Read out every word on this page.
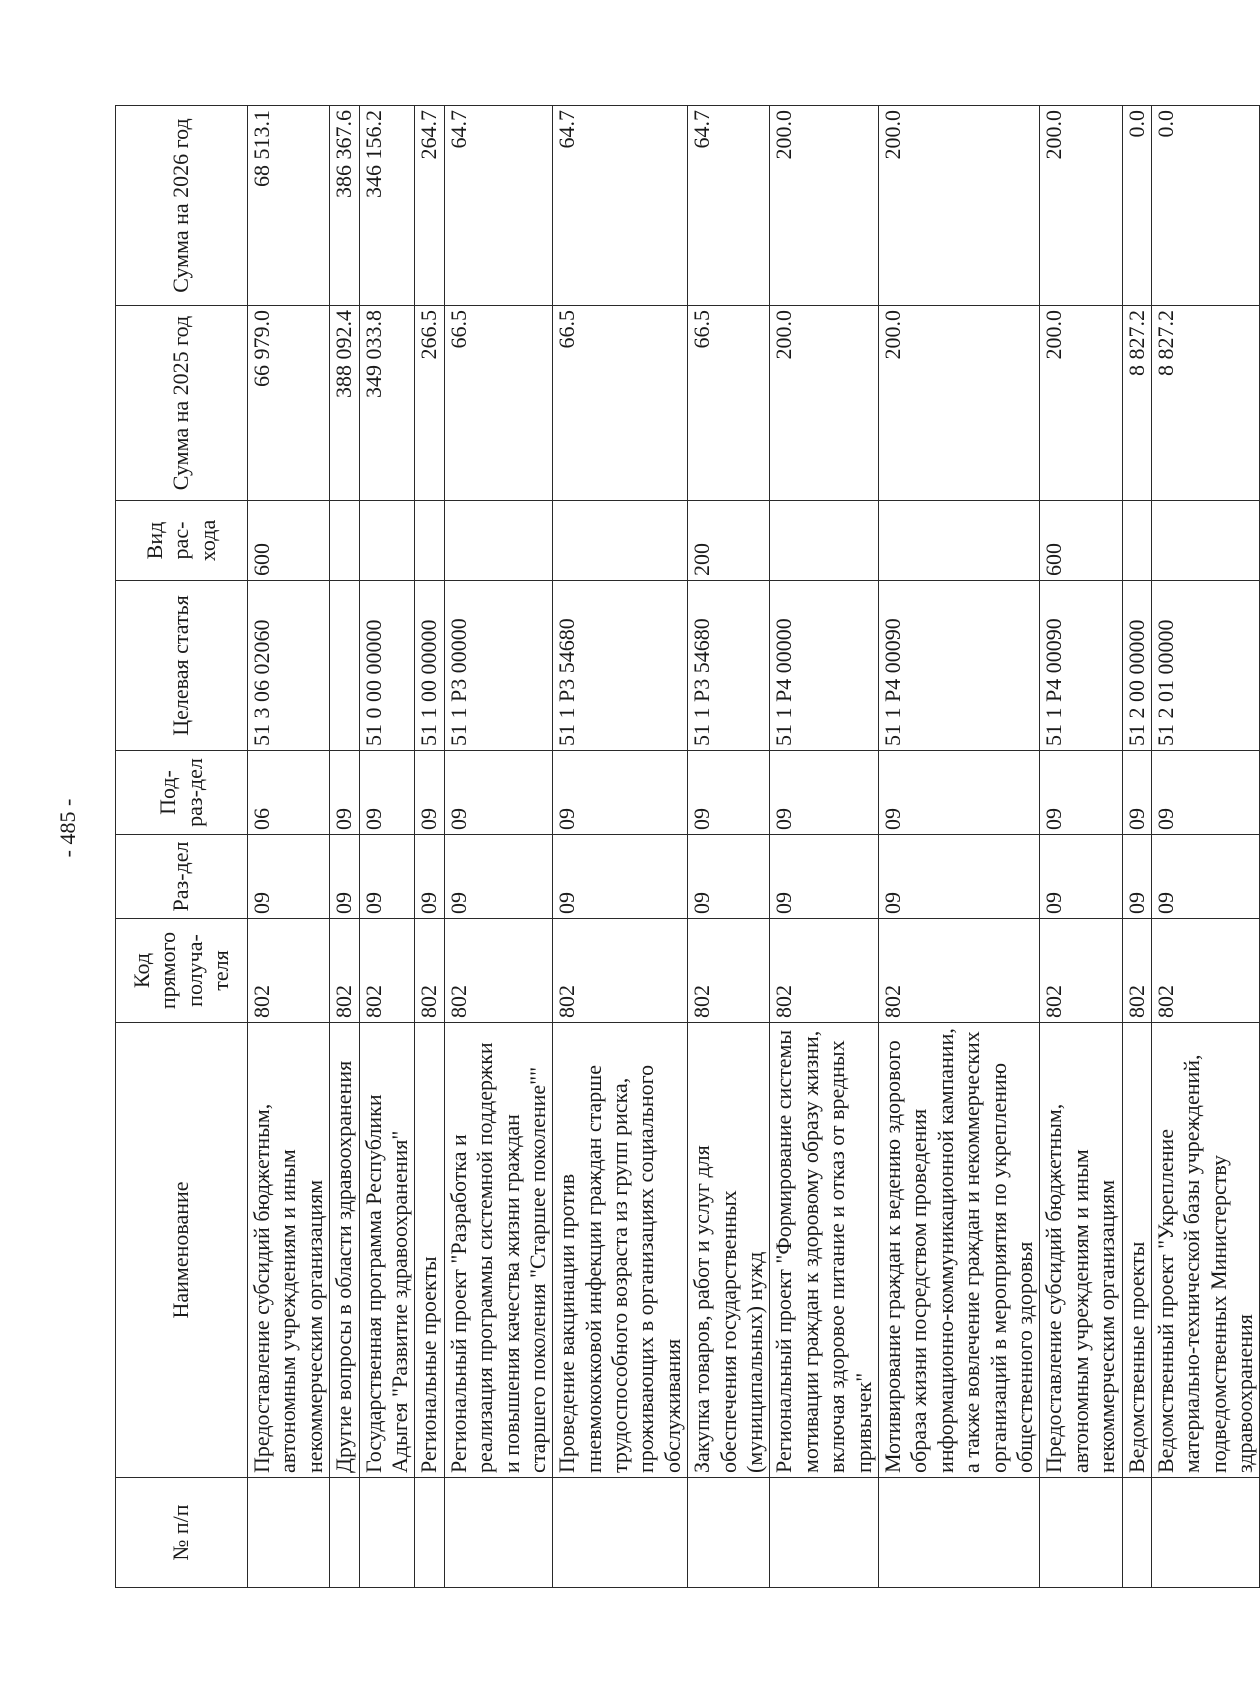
- 485 -
№ п/п	Наименование	Код прямого получа-теля	Раз-дел	Под-раз-дел	Целевая статья	Вид рас-хода	Сумма на 2025 год	Сумма на 2026 год
	Предоставление субсидий бюджетным, автономным учреждениям и иным некоммерческим организациям	802	09	06	51 3 06 02060	600	66 979.0	68 513.1
	Другие вопросы в области здравоохранения	802	09	09			388 092.4	386 367.6
	Государственная программа Республики Адыгея "Развитие здравоохранения"	802	09	09	51 0 00 00000		349 033.8	346 156.2
	Региональные проекты	802	09	09	51 1 00 00000		266.5	264.7
	Региональный проект "Разработка и реализация программы системной поддержки и повышения качества жизни граждан старшего поколения "Старшее поколение""	802	09	09	51 1 P3 00000		66.5	64.7
	Проведение вакцинации против пневмококковой инфекции граждан старше трудоспособного возраста из групп риска, проживающих в организациях социального обслуживания	802	09	09	51 1 P3 54680		66.5	64.7
	Закупка товаров, работ и услуг для обеспечения государственных (муниципальных) нужд	802	09	09	51 1 P3 54680	200	66.5	64.7
	Региональный проект "Формирование системы мотивации граждан к здоровому образу жизни, включая здоровое питание и отказ от вредных привычек"	802	09	09	51 1 P4 00000		200.0	200.0
	Мотивирование граждан к ведению здорового образа жизни посредством проведения информационно-коммуникационной кампании, а также вовлечение граждан и некоммерческих организаций в мероприятия по укреплению общественного здоровья	802	09	09	51 1 P4 00090		200.0	200.0
	Предоставление субсидий бюджетным, автономным учреждениям и иным некоммерческим организациям	802	09	09	51 1 P4 00090	600	200.0	200.0
	Ведомственные проекты	802	09	09	51 2 00 00000		8 827.2	0.0
	Ведомственный проект "Укрепление материально-технической базы учреждений, подведомственных Министерству здравоохранения	802	09	09	51 2 01 00000		8 827.2	0.0
